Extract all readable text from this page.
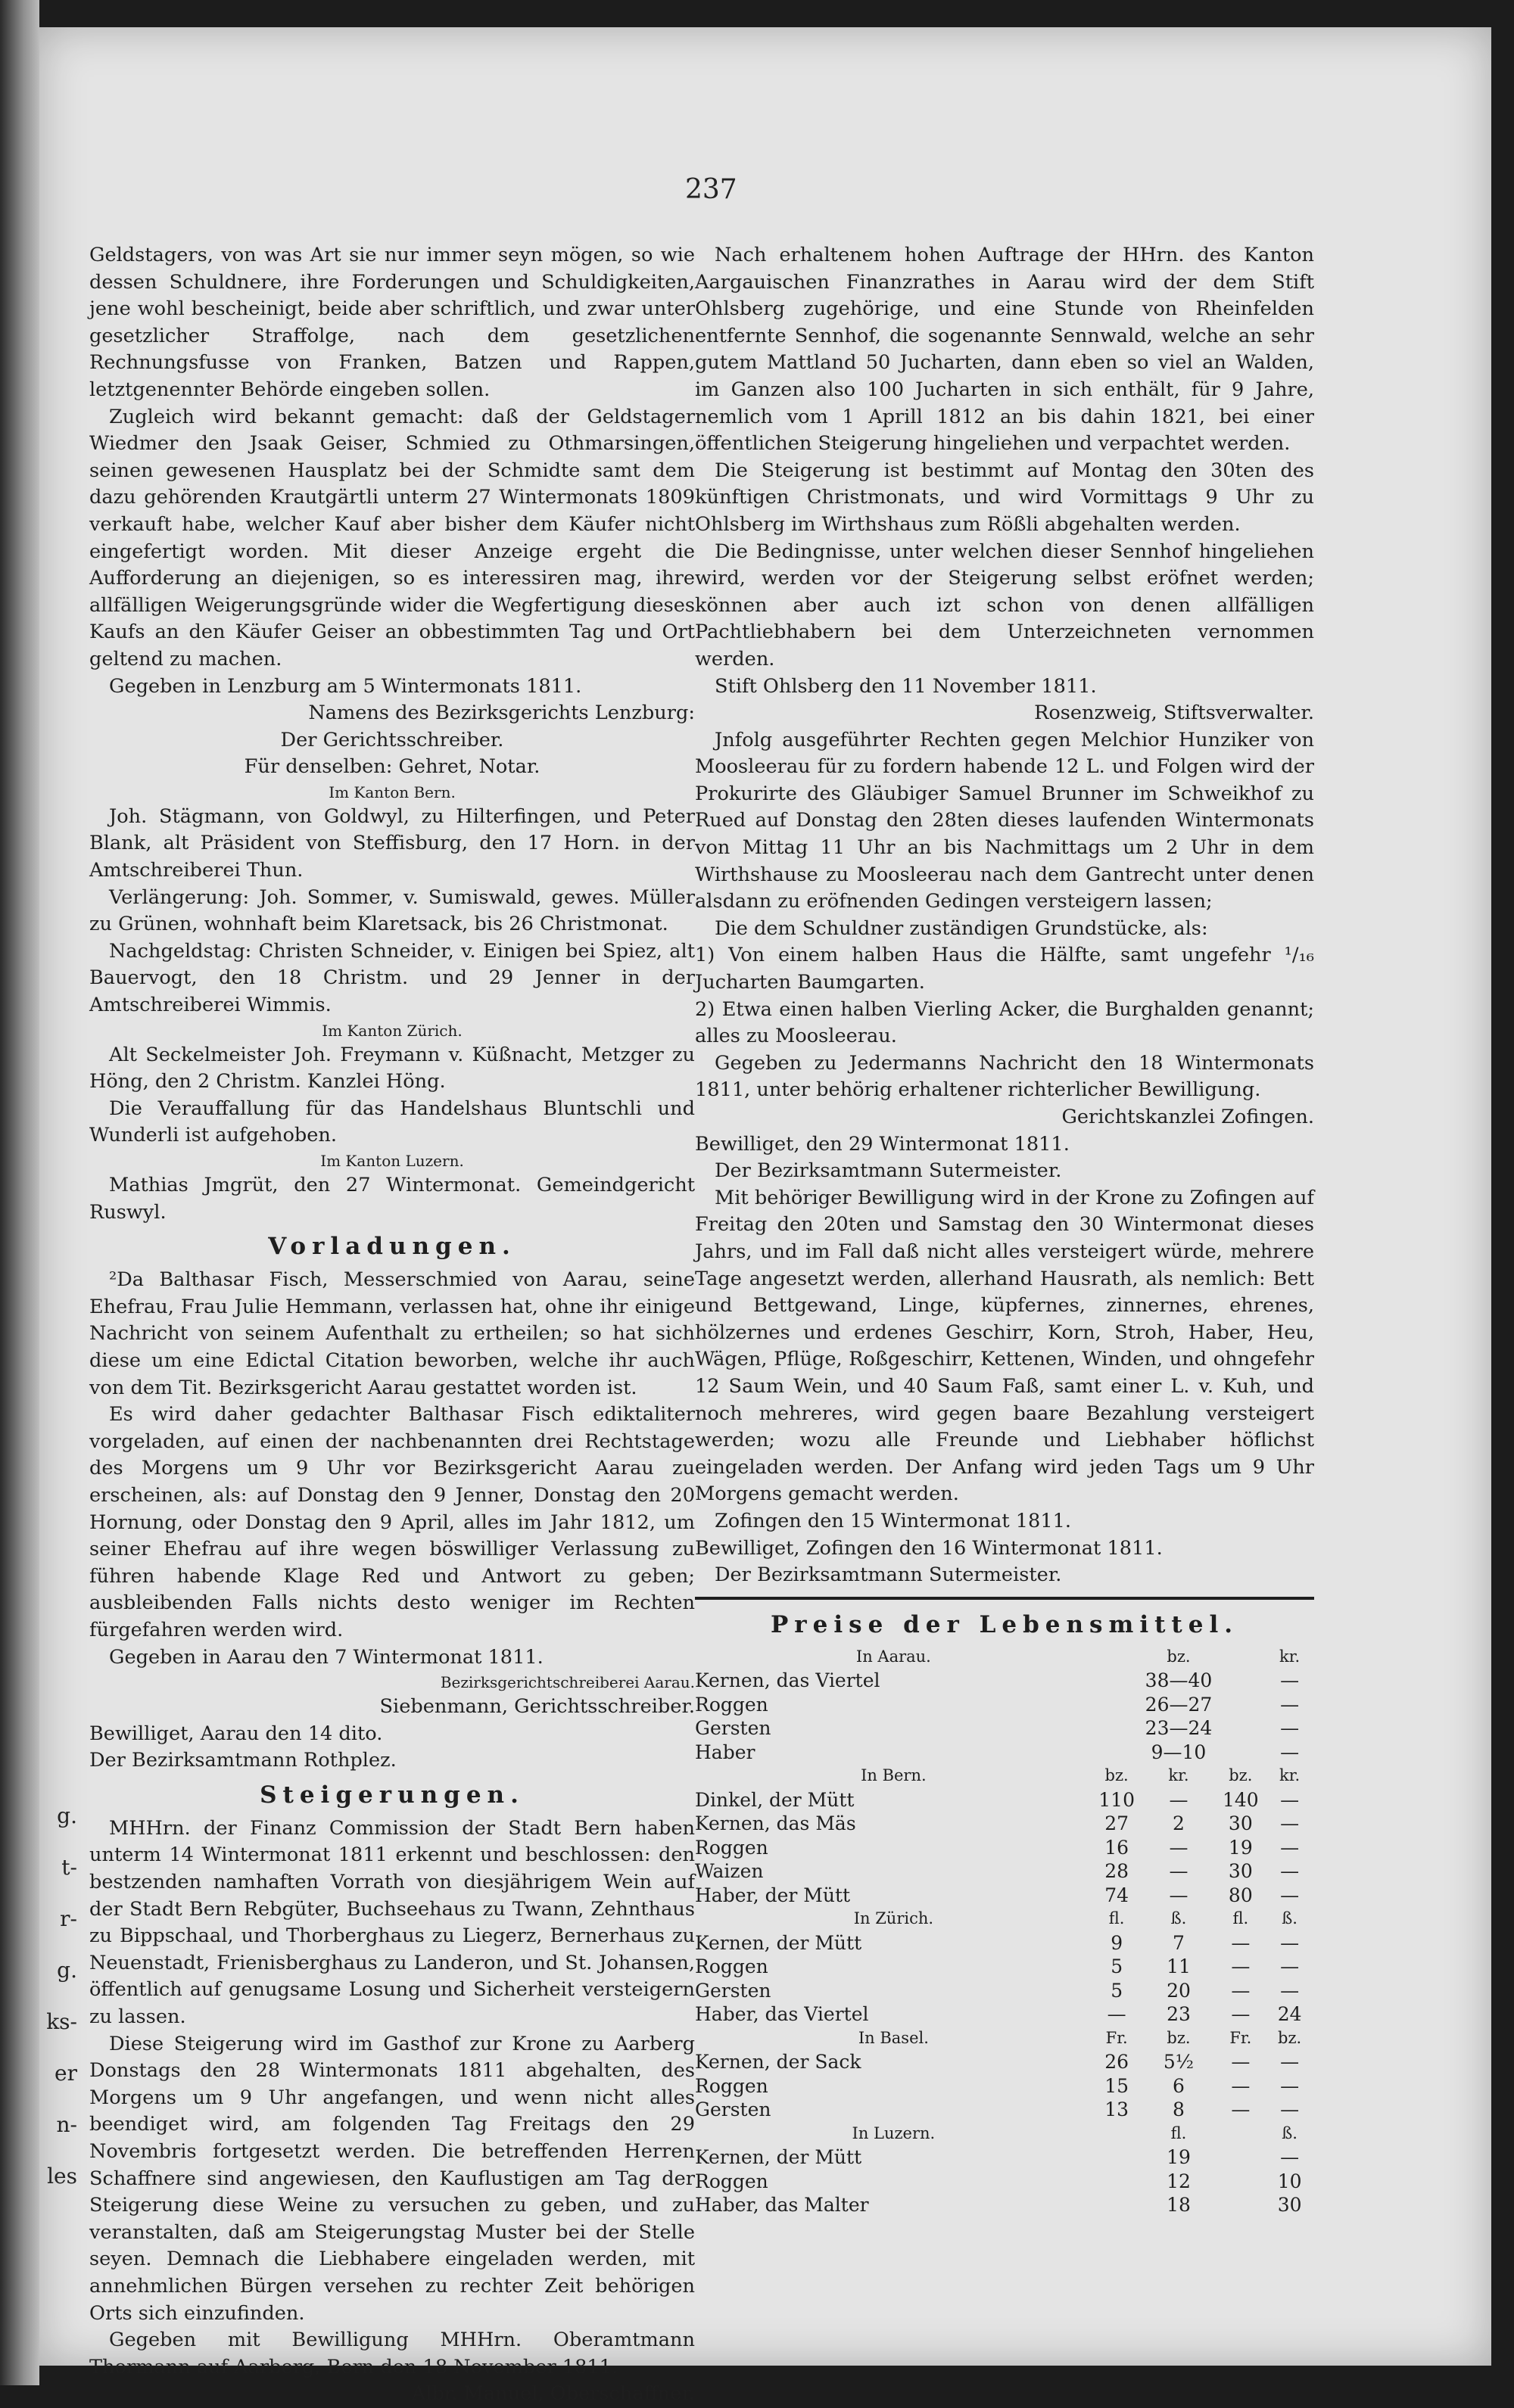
g.
t-
r-
g.
ks-
er
n-
les
237

Geldstagers, von was Art sie nur immer seyn mögen, so wie dessen Schuldnere, ihre Forderungen und Schuldigkeiten, jene wohl bescheinigt, beide aber schriftlich, und zwar unter gesetzlicher Straffolge, nach dem gesetzlichen Rechnungsfusse von Franken, Batzen und Rappen, letztgenennter Behörde eingeben sollen.

Zugleich wird bekannt gemacht: daß der Geldstager Wiedmer den Jsaak Geiser, Schmied zu Othmarsingen, seinen gewesenen Hausplatz bei der Schmidte samt dem dazu gehörenden Krautgärtli unterm 27 Wintermonats 1809 verkauft habe, welcher Kauf aber bisher dem Käufer nicht eingefertigt worden. Mit dieser Anzeige ergeht die Aufforderung an diejenigen, so es interessiren mag, ihre allfälligen Weigerungsgründe wider die Wegfertigung dieses Kaufs an den Käufer Geiser an obbestimmten Tag und Ort geltend zu machen.

Gegeben in Lenzburg am 5 Wintermonats 1811.

Namens des Bezirksgerichts Lenzburg:

Der Gerichtsschreiber.

Für denselben: Gehret, Notar.

Im Kanton Bern.

Joh. Stägmann, von Goldwyl, zu Hilterfingen, und Peter Blank, alt Präsident von Steffisburg, den 17 Horn. in der Amtschreiberei Thun.

Verlängerung: Joh. Sommer, v. Sumiswald, gewes. Müller zu Grünen, wohnhaft beim Klaretsack, bis 26 Christmonat.

Nachgeldstag: Christen Schneider, v. Einigen bei Spiez, alt Bauervogt, den 18 Christm. und 29 Jenner in der Amtschreiberei Wimmis.

Im Kanton Zürich.

Alt Seckelmeister Joh. Freymann v. Küßnacht, Metzger zu Höng, den 2 Christm. Kanzlei Höng.

Die Verauffallung für das Handelshaus Bluntschli und Wunderli ist aufgehoben.

Im Kanton Luzern.

Mathias Jmgrüt, den 27 Wintermonat. Gemeindgericht Ruswyl.

Vorladungen.

²Da Balthasar Fisch, Messerschmied von Aarau, seine Ehefrau, Frau Julie Hemmann, verlassen hat, ohne ihr einige Nachricht von seinem Aufenthalt zu ertheilen; so hat sich diese um eine Edictal Citation beworben, welche ihr auch von dem Tit. Bezirksgericht Aarau gestattet worden ist.

Es wird daher gedachter Balthasar Fisch ediktaliter vorgeladen, auf einen der nachbenannten drei Rechtstage des Morgens um 9 Uhr vor Bezirksgericht Aarau zu erscheinen, als: auf Donstag den 9 Jenner, Donstag den 20 Hornung, oder Donstag den 9 April, alles im Jahr 1812, um seiner Ehefrau auf ihre wegen böswilliger Verlassung zu führen habende Klage Red und Antwort zu geben; ausbleibenden Falls nichts desto weniger im Rechten fürgefahren werden wird.

Gegeben in Aarau den 7 Wintermonat 1811.

Bezirksgerichtschreiberei Aarau.

Siebenmann, Gerichtsschreiber.

Bewilliget, Aarau den 14 dito.

Der Bezirksamtmann Rothplez.

Steigerungen.

MHHrn. der Finanz Commission der Stadt Bern haben unterm 14 Wintermonat 1811 erkennt und beschlossen: den bestzenden namhaften Vorrath von diesjährigem Wein auf der Stadt Bern Rebgüter, Buchseehaus zu Twann, Zehnthaus zu Bippschaal, und Thorberghaus zu Liegerz, Bernerhaus zu Neuenstadt, Frienisberghaus zu Landeron, und St. Johansen, öffentlich auf genugsame Losung und Sicherheit versteigern zu lassen.

Diese Steigerung wird im Gasthof zur Krone zu Aarberg Donstags den 28 Wintermonats 1811 abgehalten, des Morgens um 9 Uhr angefangen, und wenn nicht alles beendiget wird, am folgenden Tag Freitags den 29 Novembris fortgesetzt werden. Die betreffenden Herren Schaffnere sind angewiesen, den Kauflustigen am Tag der Steigerung diese Weine zu versuchen zu geben, und zu veranstalten, daß am Steigerungstag Muster bei der Stelle seyen. Demnach die Liebhabere eingeladen werden, mit annehmlichen Bürgen versehen zu rechter Zeit behörigen Orts sich einzufinden.

Gegeben mit Bewilligung MHHrn. Oberamtmann Thormann auf Aarberg, Bern den 18 November 1811.

Albr. Manuel, Oberschaffner.

Nach erhaltenem hohen Auftrage der HHrn. des Kanton Aargauischen Finanzrathes in Aarau wird der dem Stift Ohlsberg zugehörige, und eine Stunde von Rheinfelden entfernte Sennhof, die sogenannte Sennwald, welche an sehr gutem Mattland 50 Jucharten, dann eben so viel an Walden, im Ganzen also 100 Jucharten in sich enthält, für 9 Jahre, nemlich vom 1 Aprill 1812 an bis dahin 1821, bei einer öffentlichen Steigerung hingeliehen und verpachtet werden.

Die Steigerung ist bestimmt auf Montag den 30ten des künftigen Christmonats, und wird Vormittags 9 Uhr zu Ohlsberg im Wirthshaus zum Rößli abgehalten werden.

Die Bedingnisse, unter welchen dieser Sennhof hingeliehen wird, werden vor der Steigerung selbst eröfnet werden; können aber auch izt schon von denen allfälligen Pachtliebhabern bei dem Unterzeichneten vernommen werden.

Stift Ohlsberg den 11 November 1811.

Rosenzweig, Stiftsverwalter.

Jnfolg ausgeführter Rechten gegen Melchior Hunziker von Moosleerau für zu fordern habende 12 L. und Folgen wird der Prokurirte des Gläubiger Samuel Brunner im Schweikhof zu Rued auf Donstag den 28ten dieses laufenden Wintermonats von Mittag 11 Uhr an bis Nachmittags um 2 Uhr in dem Wirthshause zu Moosleerau nach dem Gantrecht unter denen alsdann zu eröfnenden Gedingen versteigern lassen;

Die dem Schuldner zuständigen Grundstücke, als:

1) Von einem halben Haus die Hälfte, samt ungefehr ¹/₁₆ Jucharten Baumgarten.

2) Etwa einen halben Vierling Acker, die Burghalden genannt; alles zu Moosleerau.

Gegeben zu Jedermanns Nachricht den 18 Wintermonats 1811, unter behörig erhaltener richterlicher Bewilligung.

Gerichtskanzlei Zofingen.

Bewilliget, den 29 Wintermonat 1811.

Der Bezirksamtmann Sutermeister.

Mit behöriger Bewilligung wird in der Krone zu Zofingen auf Freitag den 20ten und Samstag den 30 Wintermonat dieses Jahrs, und im Fall daß nicht alles versteigert würde, mehrere Tage angesetzt werden, allerhand Hausrath, als nemlich: Bett und Bettgewand, Linge, küpfernes, zinnernes, ehrenes, hölzernes und erdenes Geschirr, Korn, Stroh, Haber, Heu, Wägen, Pflüge, Roßgeschirr, Kettenen, Winden, und ohngefehr 12 Saum Wein, und 40 Saum Faß, samt einer L. v. Kuh, und noch mehreres, wird gegen baare Bezahlung versteigert werden; wozu alle Freunde und Liebhaber höflichst eingeladen werden. Der Anfang wird jeden Tags um 9 Uhr Morgens gemacht werden.

Zofingen den 15 Wintermonat 1811.

Bewilliget, Zofingen den 16 Wintermonat 1811.

Der Bezirksamtmann Sutermeister.

Preise der Lebensmittel.

In Aarau.		bz.		kr.
Kernen, das Viertel		38—40		—
Roggen		26—27		—
Gersten		23—24		—
Haber		9—10		—
In Bern.	bz.	kr.	bz.	kr.
Dinkel, der Mütt	110	—	140	—
Kernen, das Mäs	27	2	30	—
Roggen	16	—	19	—
Waizen	28	—	30	—
Haber, der Mütt	74	—	80	—
In Zürich.	fl.	ß.	fl.	ß.
Kernen, der Mütt	9	7	—	—
Roggen	5	11	—	—
Gersten	5	20	—	—
Haber, das Viertel	—	23	—	24
In Basel.	Fr.	bz.	Fr.	bz.
Kernen, der Sack	26	5½	—	—
Roggen	15	6	—	—
Gersten	13	8	—	—
In Luzern.		fl.		ß.
Kernen, der Mütt		19		—
Roggen		12		10
Haber, das Malter		18		30
